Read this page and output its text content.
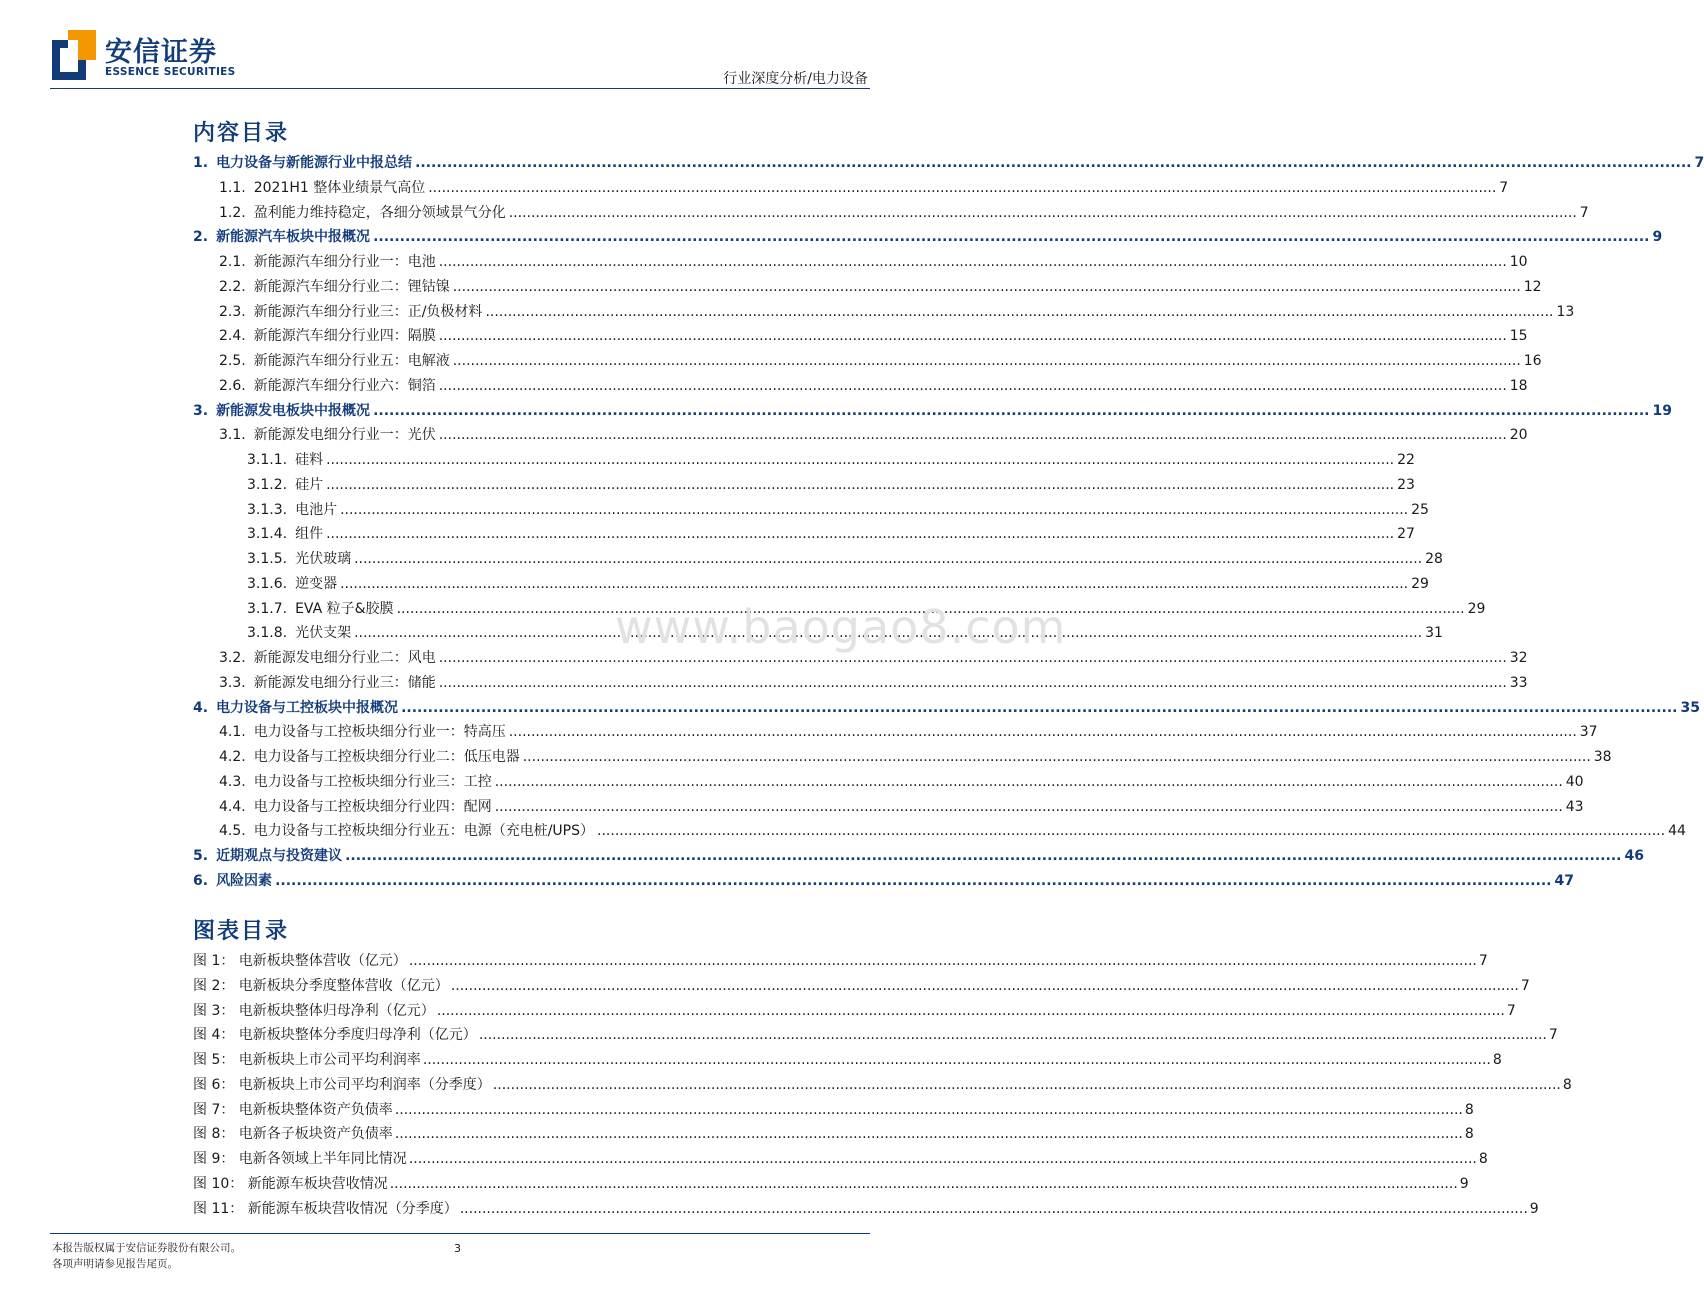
安信证券
ESSENCE SECURITIES	行业深度分析/电力设备
内容目录
1. 电力设备与新能源行业中报总结 .....	7
1.1. 2021H1 整体业绩景气高位 .....	7
1.2. 盈利能力维持稳定，各细分领域景气分化 .....	7
2. 新能源汽车板块中报概况 .....	9
2.1. 新能源汽车细分行业一：电池 .....	10
2.2. 新能源汽车细分行业二：锂钴镍 .....	12
2.3. 新能源汽车细分行业三：正/负极材料 .....	13
2.4. 新能源汽车细分行业四：隔膜 .....	15
2.5. 新能源汽车细分行业五：电解液 .....	16
2.6. 新能源汽车细分行业六：铜箔 .....	18
3. 新能源发电板块中报概况 .....	19
3.1. 新能源发电细分行业一：光伏 .....	20
3.1.1. 硅料 .....	22
3.1.2. 硅片 .....	23
3.1.3. 电池片 .....	25
3.1.4. 组件 .....	27
3.1.5. 光伏玻璃 .....	28
3.1.6. 逆变器 .....	29
3.1.7. EVA 粒子&胶膜 .....	29
3.1.8. 光伏支架 .....	31
3.2. 新能源发电细分行业二：风电 .....	32
3.3. 新能源发电细分行业三：储能 .....	33
4. 电力设备与工控板块中报概况 .....	35
4.1. 电力设备与工控板块细分行业一：特高压 .....	37
4.2. 电力设备与工控板块细分行业二：低压电器 .....	38
4.3. 电力设备与工控板块细分行业三：工控 .....	40
4.4. 电力设备与工控板块细分行业四：配网 .....	43
4.5. 电力设备与工控板块细分行业五：电源（充电桩/UPS） .....	44
5. 近期观点与投资建议 .....	46
6. 风险因素 .....	47
图表目录
图 1： 电新板块整体营收（亿元） .....	7
图 2： 电新板块分季度整体营收（亿元） .....	7
图 3： 电新板块整体归母净利（亿元） .....	7
图 4： 电新板块整体分季度归母净利（亿元） .....	7
图 5： 电新板块上市公司平均利润率 .....	8
图 6： 电新板块上市公司平均利润率（分季度） .....	8
图 7： 电新板块整体资产负债率 .....	8
图 8： 电新各子板块资产负债率 .....	8
图 9： 电新各领域上半年同比情况 .....	8
图 10： 新能源车板块营收情况 .....	9
图 11： 新能源车板块营收情况（分季度） .....	9
www.baogao8.com
本报告版权属于安信证券股份有限公司。
各项声明请参见报告尾页。
3
